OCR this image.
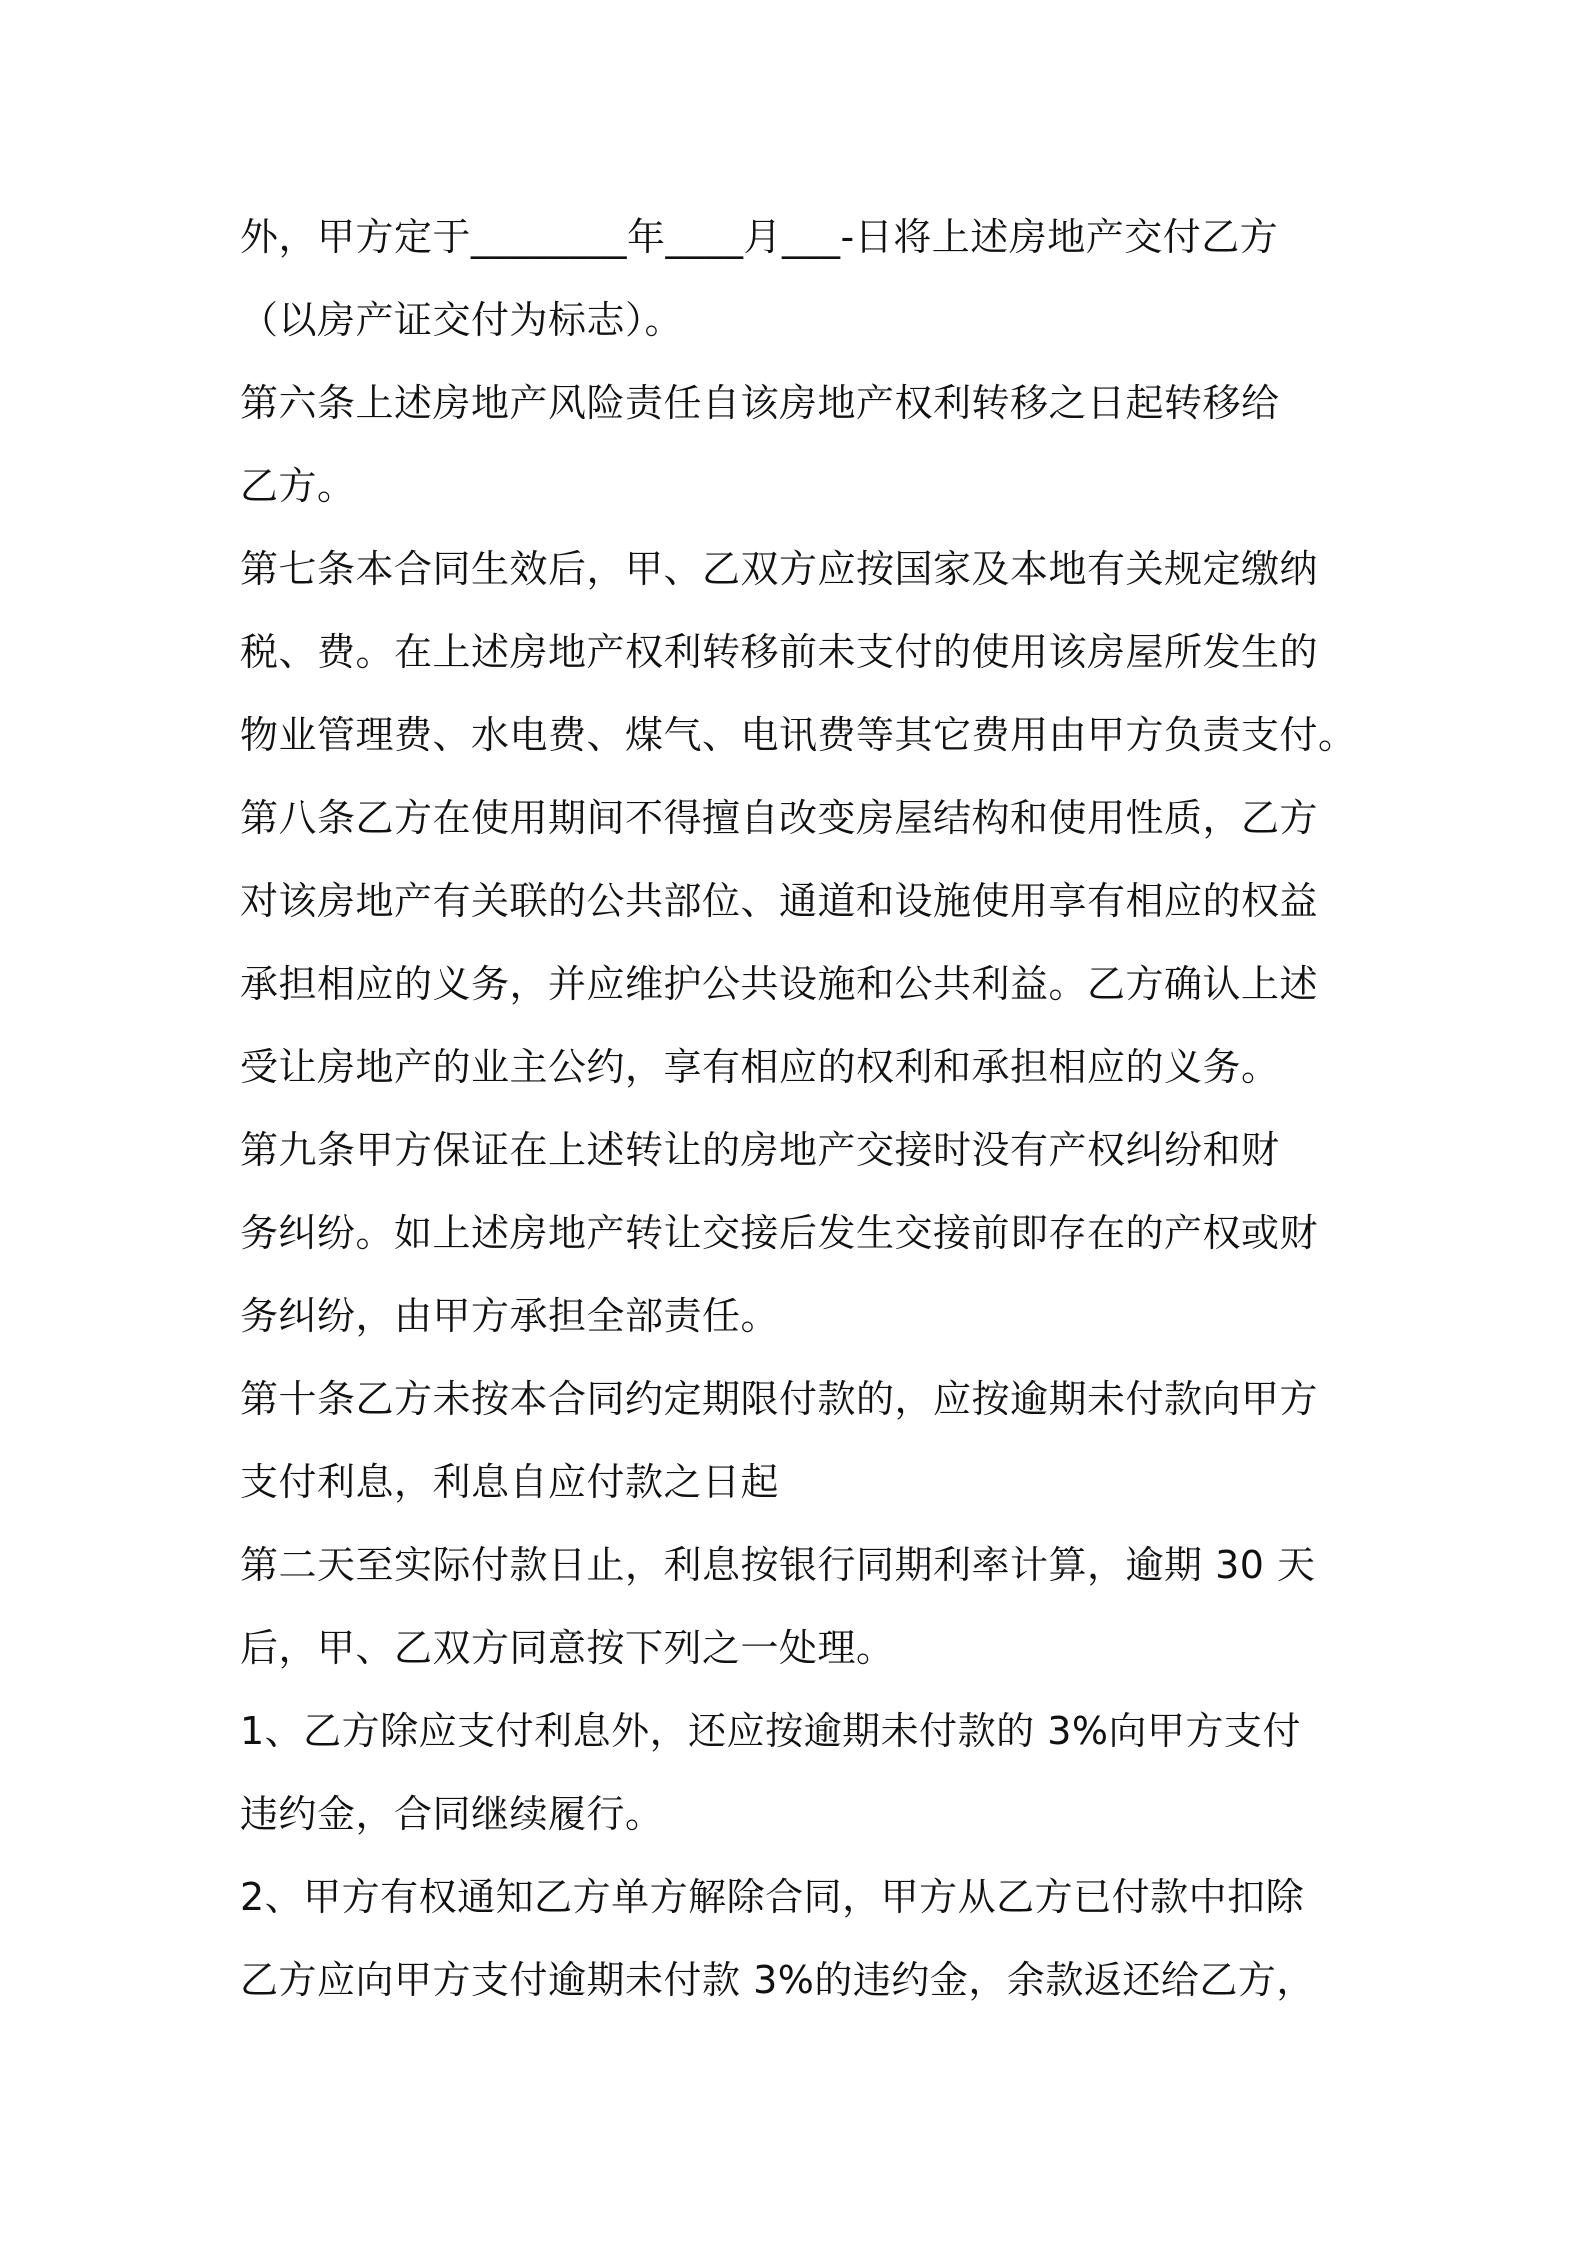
外，甲方定于________年____月___-日将上述房地产交付乙方
（以房产证交付为标志）。
第六条上述房地产风险责任自该房地产权利转移之日起转移给
乙方。
第七条本合同生效后，甲、乙双方应按国家及本地有关规定缴纳
税、费。在上述房地产权利转移前未支付的使用该房屋所发生的
物业管理费、水电费、煤气、电讯费等其它费用由甲方负责支付。
第八条乙方在使用期间不得擅自改变房屋结构和使用性质，乙方
对该房地产有关联的公共部位、通道和设施使用享有相应的权益
承担相应的义务，并应维护公共设施和公共利益。乙方确认上述
受让房地产的业主公约，享有相应的权利和承担相应的义务。
第九条甲方保证在上述转让的房地产交接时没有产权纠纷和财
务纠纷。如上述房地产转让交接后发生交接前即存在的产权或财
务纠纷，由甲方承担全部责任。
第十条乙方未按本合同约定期限付款的，应按逾期未付款向甲方
支付利息，利息自应付款之日起
第二天至实际付款日止，利息按银行同期利率计算，逾期 30 天
后，甲、乙双方同意按下列之一处理。
1、乙方除应支付利息外，还应按逾期未付款的 3%向甲方支付
违约金，合同继续履行。
2、甲方有权通知乙方单方解除合同，甲方从乙方已付款中扣除
乙方应向甲方支付逾期未付款 3%的违约金，余款返还给乙方，
